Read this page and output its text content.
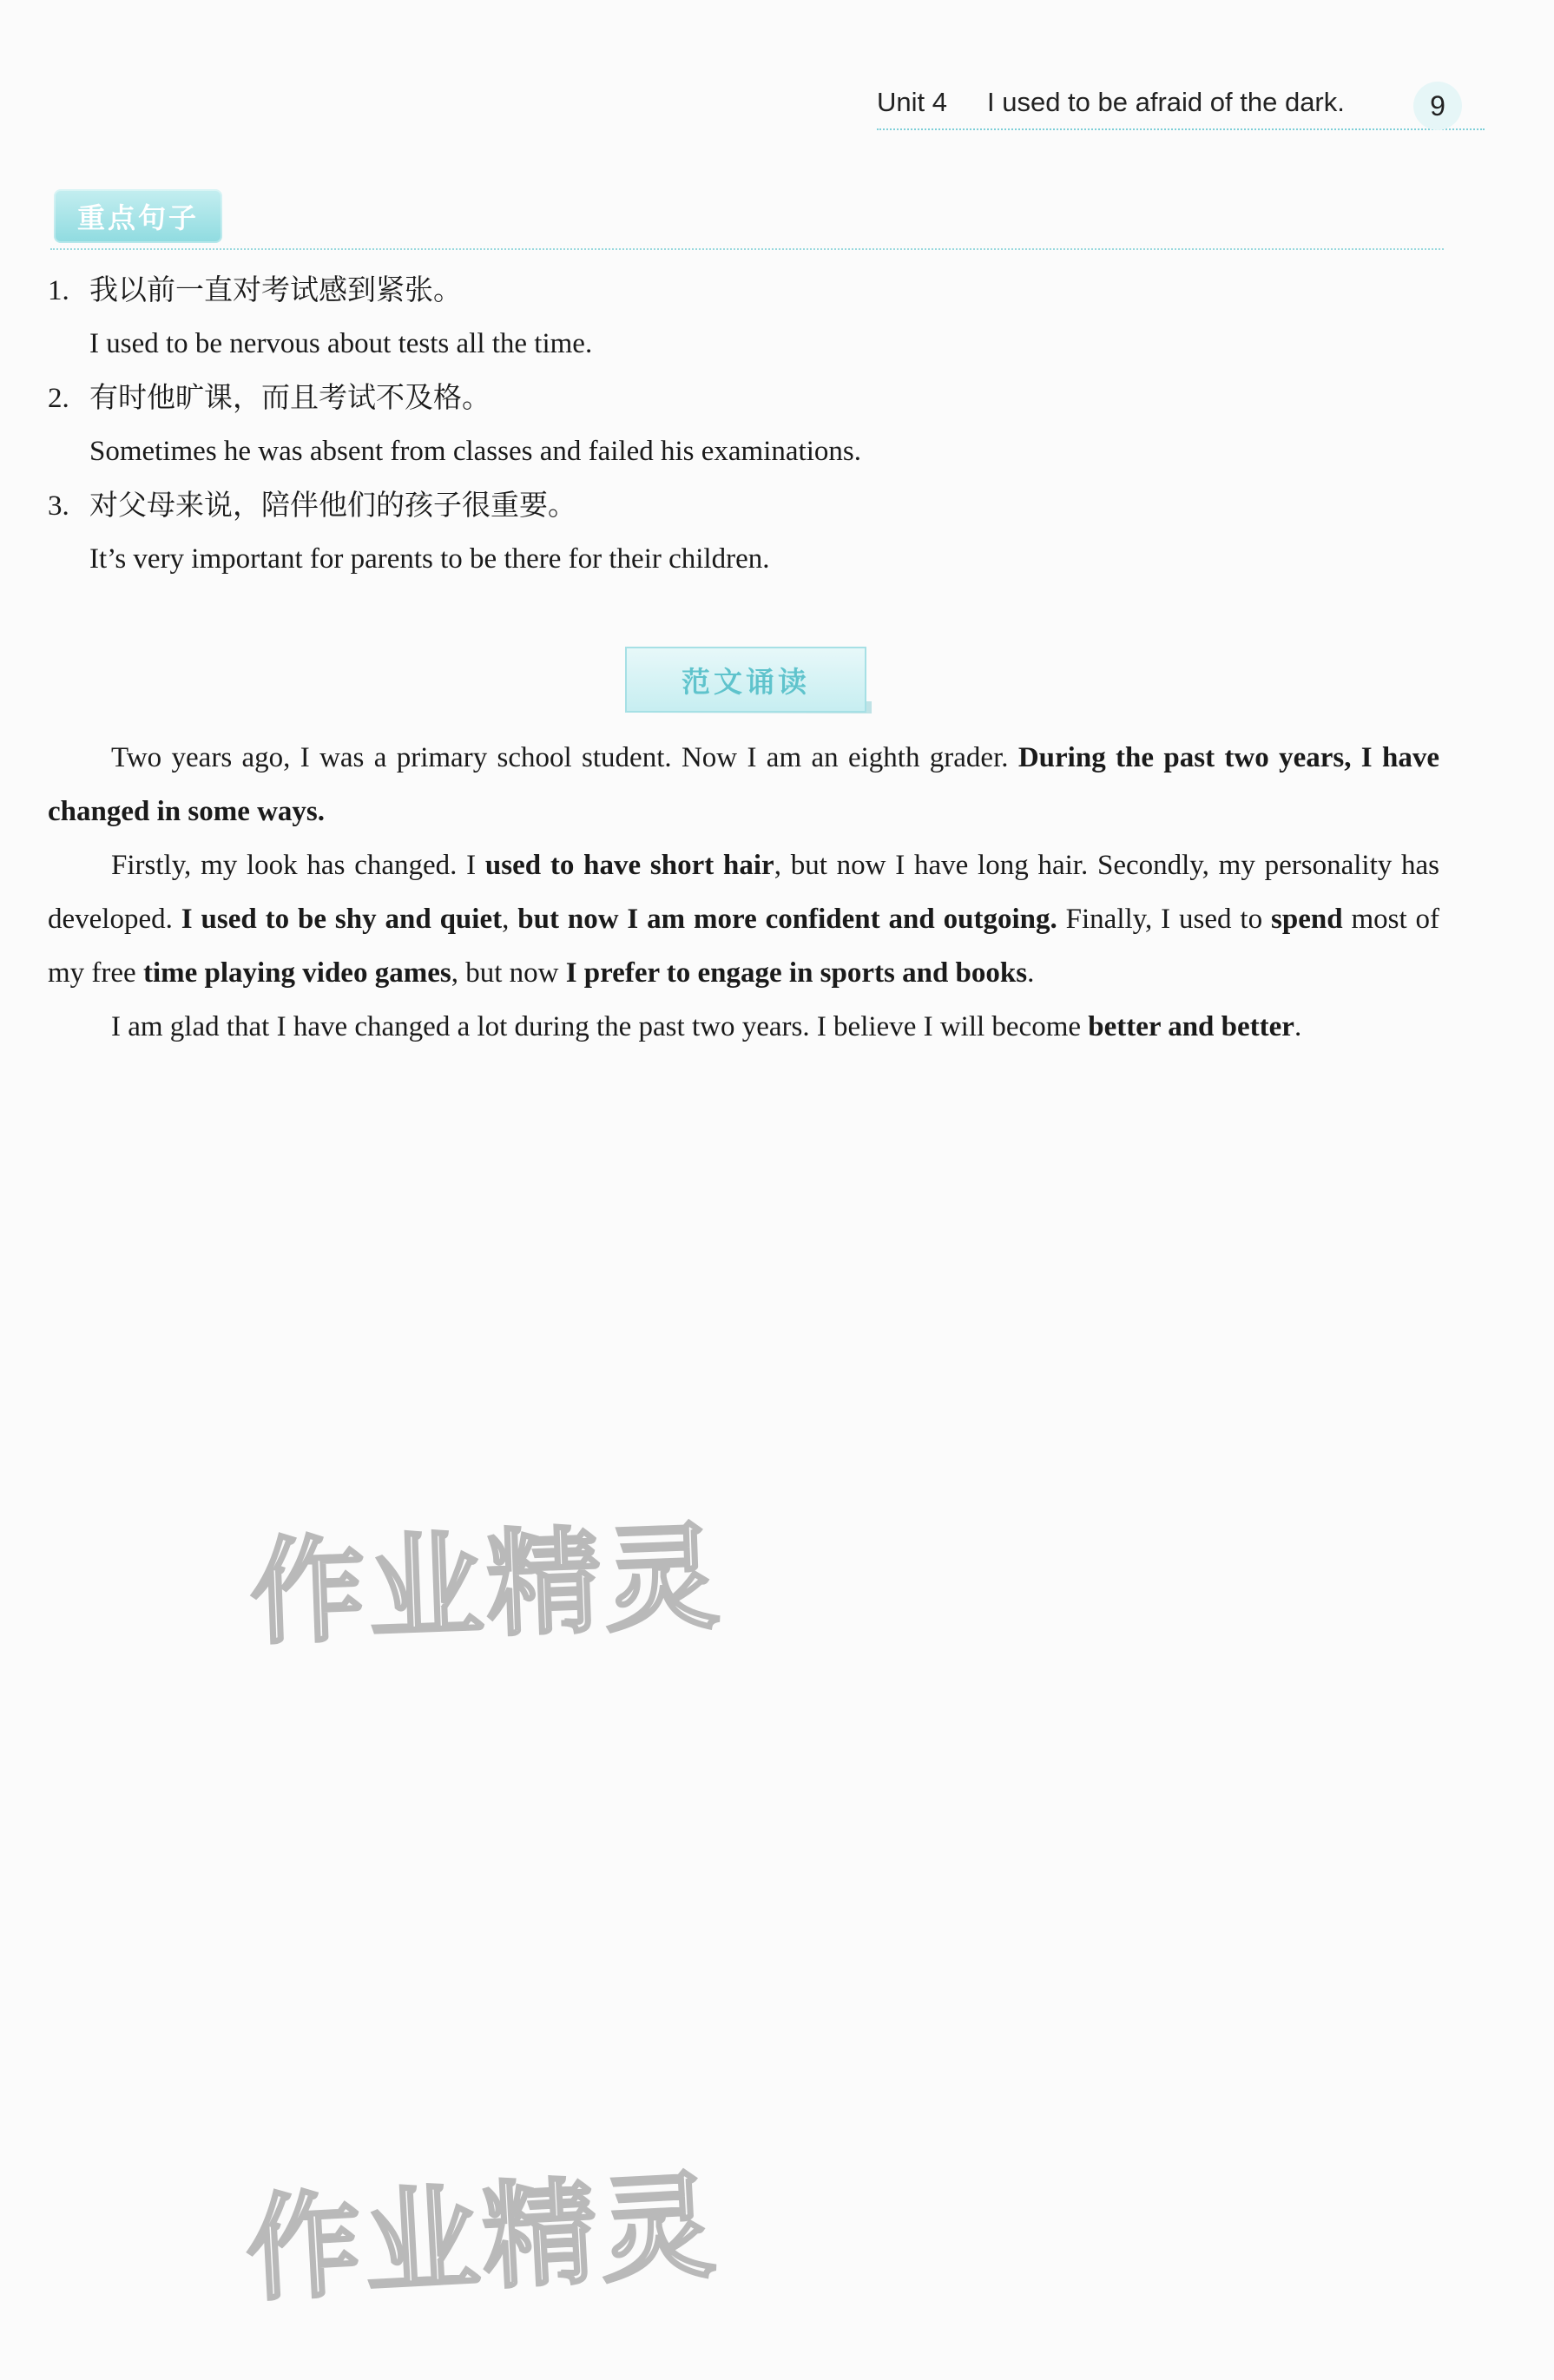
Unit 4 I used to be afraid of the dark.	9
重点句子
1. 我以前一直对考试感到紧张。
I used to be nervous about tests all the time.
2. 有时他旷课，而且考试不及格。
Sometimes he was absent from classes and failed his examinations.
3. 对父母来说，陪伴他们的孩子很重要。
It’s very important for parents to be there for their children.
范文诵读

Two years ago, I was a primary school student. Now I am an eighth grader. During the past two years, I have changed in some ways.

Firstly, my look has changed. I used to have short hair, but now I have long hair. Secondly, my personality has developed. I used to be shy and quiet, but now I am more confident and outgoing. Finally, I used to spend most of my free time playing video games, but now I prefer to engage in sports and books.

I am glad that I have changed a lot during the past two years. I believe I will become better and better.

作业精灵
作业精灵
